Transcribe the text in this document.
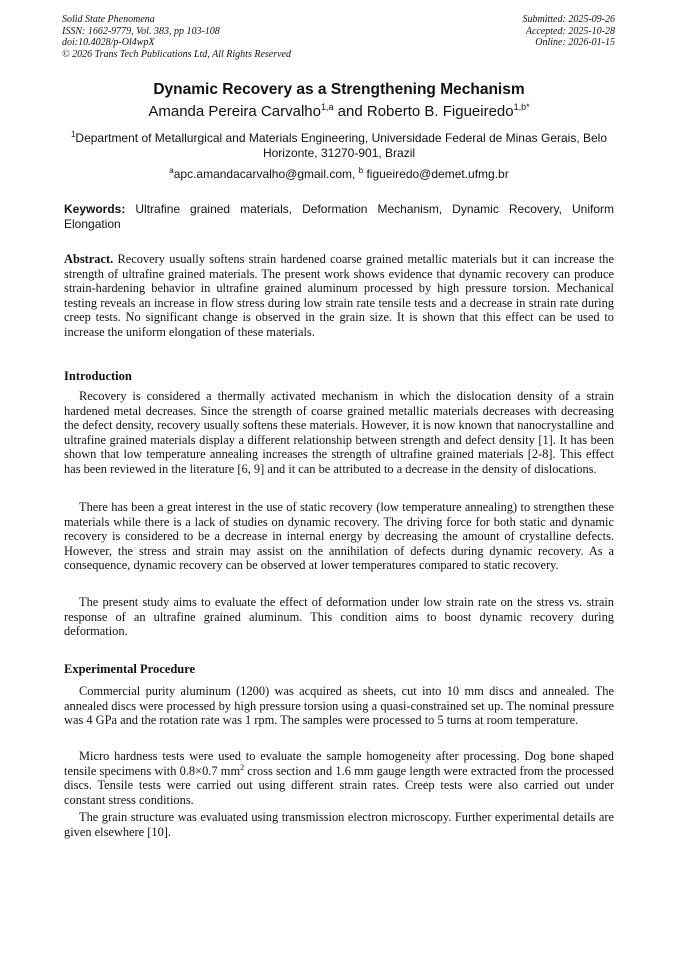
Solid State Phenomena
ISSN: 1662-9779, Vol. 383, pp 103-108
doi:10.4028/p-Ol4wpX
© 2026 Trans Tech Publications Ltd, All Rights Reserved
Submitted: 2025-09-26
Accepted: 2025-10-28
Online: 2026-01-15
Dynamic Recovery as a Strengthening Mechanism
Amanda Pereira Carvalho$^{1,a}$ and Roberto B. Figueiredo$^{1,b*}$
$^1$Department of Metallurgical and Materials Engineering, Universidade Federal de Minas Gerais, Belo Horizonte, 31270-901, Brazil
$^a$apc.amandacarvalho@gmail.com, $^b$ figueiredo@demet.ufmg.br
Keywords: Ultrafine grained materials, Deformation Mechanism, Dynamic Recovery, Uniform Elongation
Abstract. Recovery usually softens strain hardened coarse grained metallic materials but it can increase the strength of ultrafine grained materials. The present work shows evidence that dynamic recovery can produce strain-hardening behavior in ultrafine grained aluminum processed by high pressure torsion. Mechanical testing reveals an increase in flow stress during low strain rate tensile tests and a decrease in strain rate during creep tests. No significant change is observed in the grain size. It is shown that this effect can be used to increase the uniform elongation of these materials.
Introduction
Recovery is considered a thermally activated mechanism in which the dislocation density of a strain hardened metal decreases. Since the strength of coarse grained metallic materials decreases with decreasing the defect density, recovery usually softens these materials. However, it is now known that nanocrystalline and ultrafine grained materials display a different relationship between strength and defect density [1]. It has been shown that low temperature annealing increases the strength of ultrafine grained materials [2-8]. This effect has been reviewed in the literature [6, 9] and it can be attributed to a decrease in the density of dislocations.
There has been a great interest in the use of static recovery (low temperature annealing) to strengthen these materials while there is a lack of studies on dynamic recovery. The driving force for both static and dynamic recovery is considered to be a decrease in internal energy by decreasing the amount of crystalline defects. However, the stress and strain may assist on the annihilation of defects during dynamic recovery. As a consequence, dynamic recovery can be observed at lower temperatures compared to static recovery.
The present study aims to evaluate the effect of deformation under low strain rate on the stress vs. strain response of an ultrafine grained aluminum. This condition aims to boost dynamic recovery during deformation.
Experimental Procedure
Commercial purity aluminum (1200) was acquired as sheets, cut into 10 mm discs and annealed. The annealed discs were processed by high pressure torsion using a quasi-constrained set up. The nominal pressure was 4 GPa and the rotation rate was 1 rpm. The samples were processed to 5 turns at room temperature.
Micro hardness tests were used to evaluate the sample homogeneity after processing. Dog bone shaped tensile specimens with 0.8×0.7 $mm^2$ cross section and 1.6 mm gauge length were extracted from the processed discs. Tensile tests were carried out using different strain rates. Creep tests were also carried out under constant stress conditions.
The grain structure was evaluated using transmission electron microscopy. Further experimental details are given elsewhere [10].
